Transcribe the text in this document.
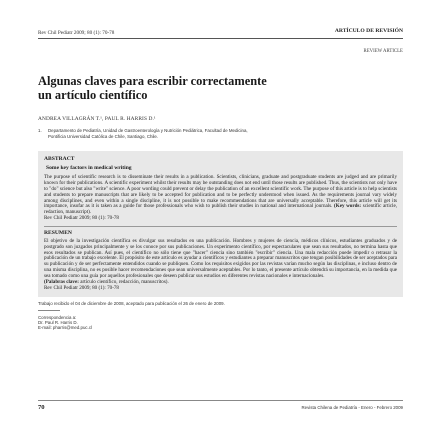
Rev Chil Pediatr 2009; 80 (1): 70-78	ARTÍCULO DE REVISIÓN
REVIEW ARTICLE
Algunas claves para escribir correctamente
un artículo científico
ANDREA VILLAGRÁN T.¹, PAUL R. HARRIS D.¹
1.	Departamento de Pediatría, Unidad de Gastroenterología y Nutrición Pediátrica, Facultad de Medicina,
Pontificia Universidad Católica de Chile, Santiago, Chile.
ABSTRACT
Some key factors in medical writing

The purpose of scientific research is to disseminate their results in a publication. Scientists, clinicians, graduate and postgraduate students are judged and are primarily known for their publications. A scientific experiment whilst their results may be outstanding does not end until those results are published. Thus, the scientists not only have to "do" science but also "write" science. A poor wording could prevent or delay the publication of an excellent scientific work. The purpose of this article is to help scientists and students to prepare manuscripts that are likely to be accepted for publication and to be perfectly understood when issued. As the requirements journal vary widely among disciplines, and even within a single discipline, it is not possible to make recommendations that are universally acceptable. Therefore, this article will get its importance, insofar as it is taken as a guide for those professionals who wish to publish their studies in national and international journals. (Key words: scientific article, redaction, manuscript).

Rev Chil Pediatr 2009; 80 (1): 70-78
RESUMEN

El objetivo de la investigación científica es divulgar sus resultados en una publicación. Hombres y mujeres de ciencia, médicos clínicos, estudiantes graduados y de postgrado son juzgados principalmente y se los conoce por sus publicaciones. Un experimento científico, por espectaculares que sean sus resultados, no termina hasta que esos resultados se publican. Así pues, el científico no sólo tiene que "hacer" ciencia sino también "escribir" ciencia. Una mala redacción puede impedir o retrasar la publicación de un trabajo excelente. El propósito de este artículo es ayudar a científicos y estudiantes a preparar manuscritos que tengan posibilidades de ser aceptados para su publicación y de ser perfectamente entendidos cuando se publiquen. Como los requisitos exigidos por las revistas varían mucho según las disciplinas, e incluso dentro de una misma disciplina, no es posible hacer recomendaciones que sean universalmente aceptables. Por lo tanto, el presente artículo obtendrá su importancia, en la medida que sea tomado como una guía por aquellos profesionales que deseen publicar sus estudios en diferentes revistas nacionales e internacionales.

(Palabras clave: artículo científico, redacción, manuscritos).

Rev Chil Pediatr 2009; 80 (1): 70-78
Trabajo recibido el 04 de diciembre de 2008, aceptado para publicación el 26 de enero de 2009.
Correspondencia a:
Dr. Paul R. Harris D.
E-mail: pharris@med.puc.cl
70	Revista Chilena de Pediatría - Enero - Febrero 2009
